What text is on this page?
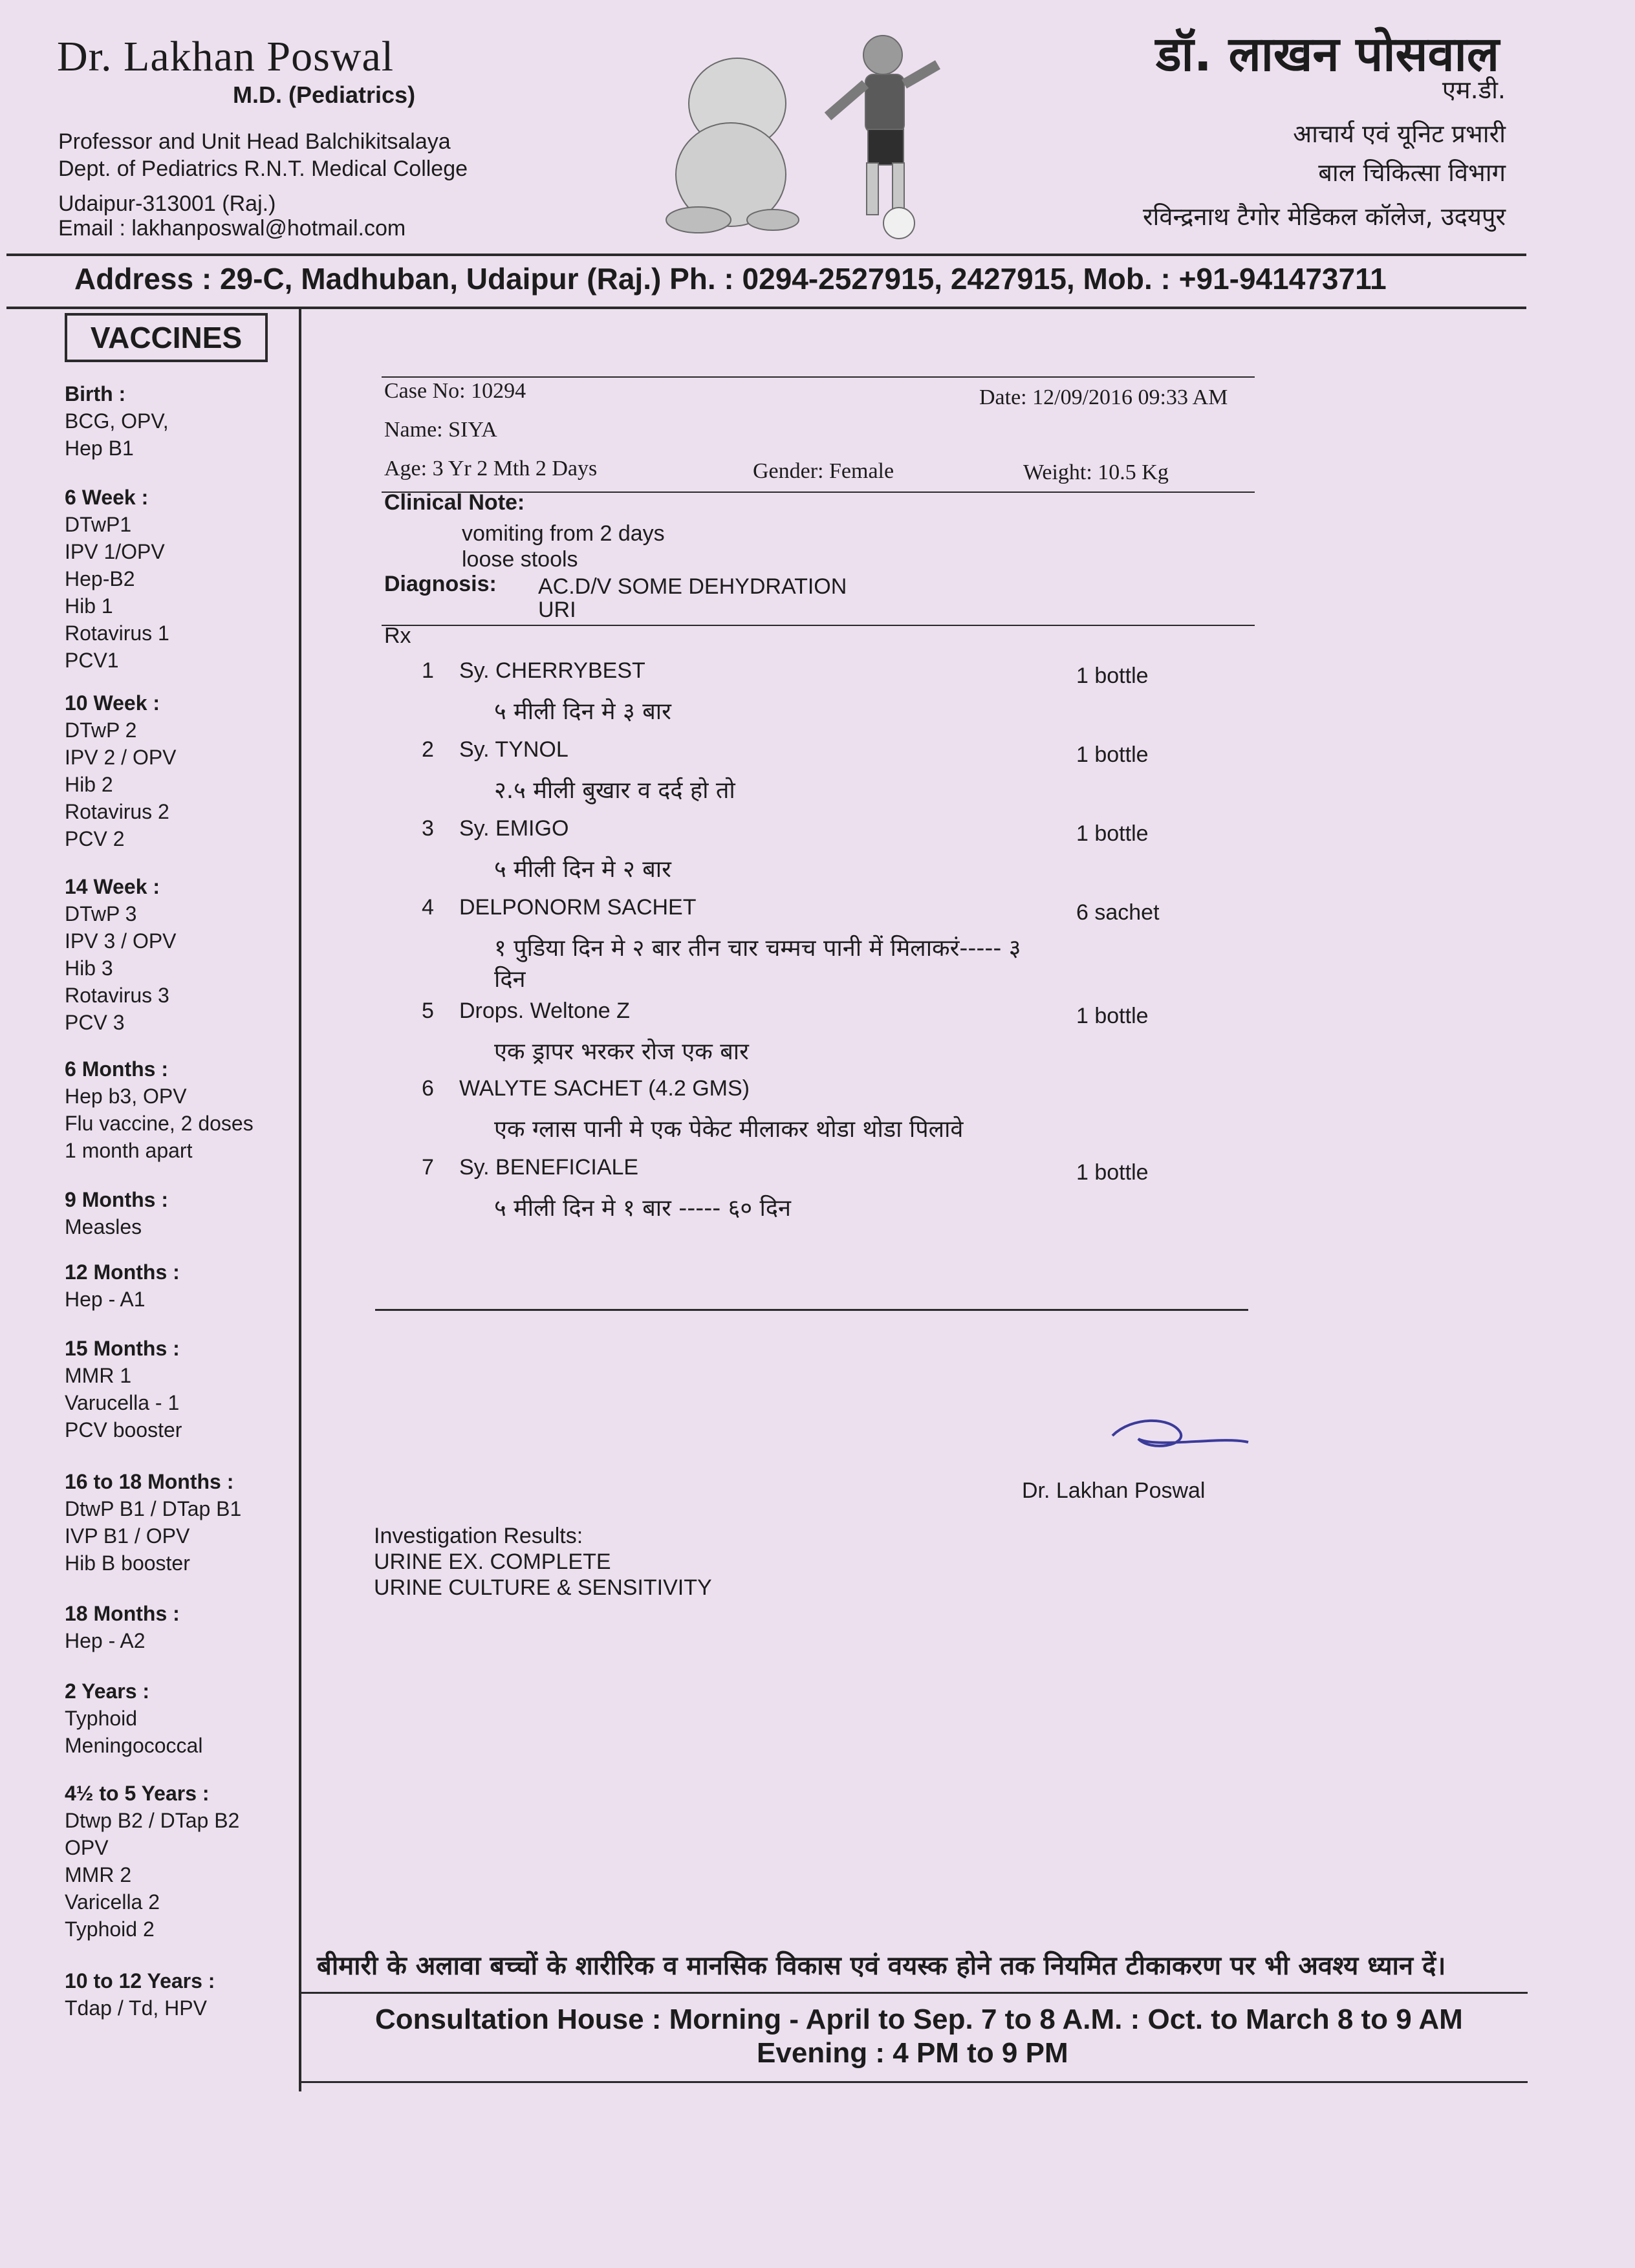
Dr. Lakhan Poswal
M.D. (Pediatrics)
Professor and Unit Head Balchikitsalaya
Dept. of Pediatrics R.N.T. Medical College
Udaipur-313001 (Raj.)
Email : lakhanposwal@hotmail.com
डॉ. लाखन पोसवाल
एम.डी.
आचार्य एवं यूनिट प्रभारी
बाल चिकित्सा विभाग
रविन्द्रनाथ टैगोर मेडिकल कॉलेज, उदयपुर
Address : 29-C, Madhuban, Udaipur (Raj.) Ph. : 0294-2527915, 2427915, Mob. : +91-941473711
VACCINES
Birth :
BCG, OPV,
Hep B1
6 Week :
DTwP1
IPV 1/OPV
Hep-B2
Hib 1
Rotavirus 1
PCV1
10 Week :
DTwP 2
IPV 2 / OPV
Hib 2
Rotavirus 2
PCV 2
14 Week :
DTwP 3
IPV 3 / OPV
Hib 3
Rotavirus 3
PCV 3
6 Months :
Hep b3, OPV
Flu vaccine, 2 doses
1 month apart
9 Months :
Measles
12 Months :
Hep - A1
15 Months :
MMR 1
Varucella - 1
PCV booster
16 to 18 Months :
DtwP B1 / DTap B1
IVP B1 / OPV
Hib B booster
18 Months :
Hep - A2
2 Years :
Typhoid
Meningococcal
4½ to 5 Years :
Dtwp B2 / DTap B2
OPV
MMR 2
Varicella 2
Typhoid 2
10 to 12 Years :
Tdap / Td, HPV
Case No: 10294	Date: 12/09/2016 09:33 AM
Name: SIYA
Age: 3 Yr 2 Mth 2 Days	Gender: Female	Weight: 10.5 Kg
Clinical Note:
vomiting from 2 days
loose stools
Diagnosis: AC.D/V SOME DEHYDRATION
URI
Rx
1 Sy. CHERRYBEST	1 bottle
५ मीली दिन मे ३ बार
2 Sy. TYNOL	1 bottle
२.५ मीली बुखार व दर्द हो तो
3 Sy. EMIGO	1 bottle
५ मीली दिन मे २ बार
4 DELPONORM SACHET	6 sachet
१ पुडिया दिन मे २ बार तीन चार चम्मच पानी में मिलाकरं----- ३
दिन
5 Drops. Weltone Z	1 bottle
एक ड्रापर भरकर रोज एक बार
6 WALYTE SACHET (4.2 GMS)
एक ग्लास पानी मे एक पेकेट मीलाकर थोडा थोडा पिलावे
7 Sy. BENEFICIALE	1 bottle
५ मीली दिन मे १ बार ----- ६० दिन
Dr. Lakhan Poswal
Investigation Results:
URINE EX. COMPLETE
URINE CULTURE & SENSITIVITY
बीमारी के अलावा बच्चों के शारीरिक व मानसिक विकास एवं वयस्क होने तक नियमित टीकाकरण पर भी अवश्य ध्यान दें।
Consultation House : Morning - April to Sep. 7 to 8 A.M. : Oct. to March 8 to 9 AM
Evening : 4 PM to 9 PM
